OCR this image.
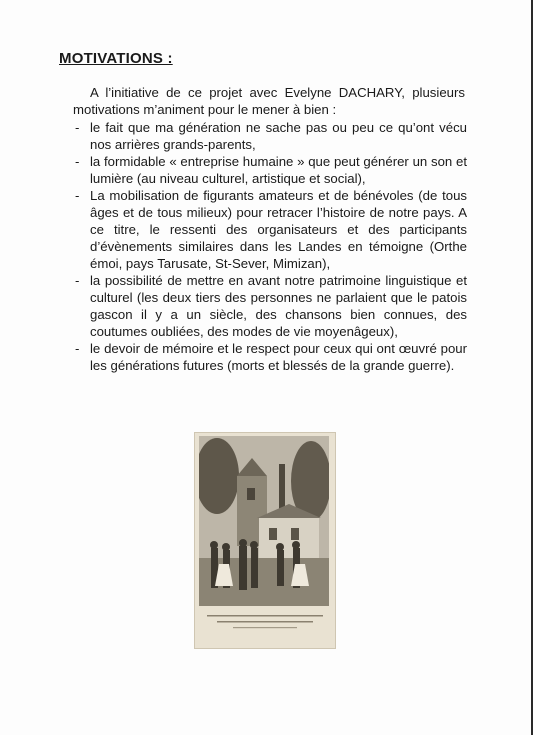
MOTIVATIONS :
A l’initiative de ce projet avec Evelyne DACHARY, plusieurs motivations m’animent pour le mener à bien :
- le fait que ma génération ne sache pas ou peu ce qu’ont vécu nos arrières grands-parents,
- la formidable « entreprise humaine » que peut générer un son et lumière (au niveau culturel, artistique et social),
- La mobilisation de figurants amateurs et de bénévoles (de tous âges et de tous milieux) pour retracer l’histoire de notre pays. A ce titre, le ressenti des organisateurs et des participants d’évènements similaires dans les Landes en témoigne (Orthe émoi, pays Tarusate, St-Sever, Mimizan),
- la possibilité de mettre en avant notre patrimoine linguistique et culturel (les deux tiers des personnes ne parlaient que le patois gascon il y a un siècle, des chansons bien connues, des coutumes oubliées, des modes de vie moyenâgeux),
- le devoir de mémoire et le respect pour ceux qui ont œuvré pour les générations futures (morts et blessés de la grande guerre).
